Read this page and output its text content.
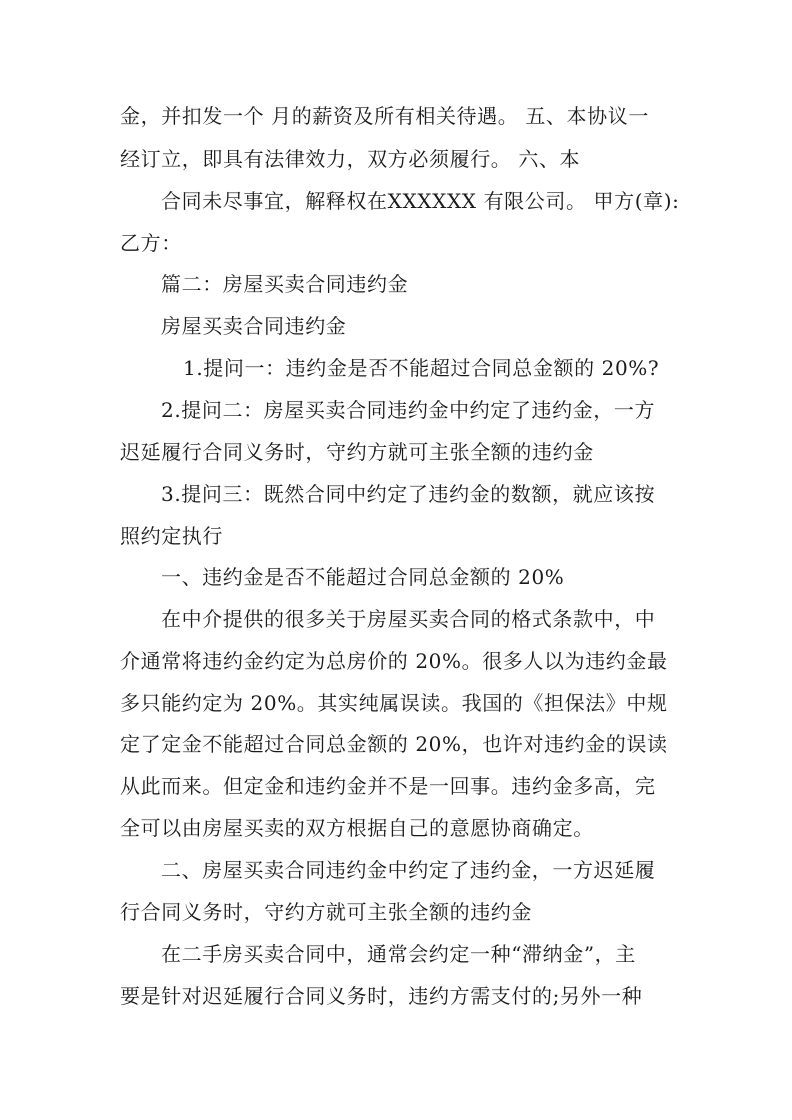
金，并扣发一个 月的薪资及所有相关待遇。 五、本协议一
经订立，即具有法律效力，双方必须履行。 六、本
合同未尽事宜，解释权在XXXXXX 有限公司。 甲方(章):
乙方：
篇二：房屋买卖合同违约金
房屋买卖合同违约金
1.提问一：违约金是否不能超过合同总金额的 20%?
2.提问二：房屋买卖合同违约金中约定了违约金，一方
迟延履行合同义务时，守约方就可主张全额的违约金
3.提问三：既然合同中约定了违约金的数额，就应该按
照约定执行
一、违约金是否不能超过合同总金额的 20%
在中介提供的很多关于房屋买卖合同的格式条款中，中
介通常将违约金约定为总房价的 20%。很多人以为违约金最
多只能约定为 20%。其实纯属误读。我国的《担保法》中规
定了定金不能超过合同总金额的 20%，也许对违约金的误读
从此而来。但定金和违约金并不是一回事。违约金多高，完
全可以由房屋买卖的双方根据自己的意愿协商确定。
二、房屋买卖合同违约金中约定了违约金，一方迟延履
行合同义务时，守约方就可主张全额的违约金
在二手房买卖合同中，通常会约定一种“滞纳金”，主
要是针对迟延履行合同义务时，违约方需支付的;另外一种
